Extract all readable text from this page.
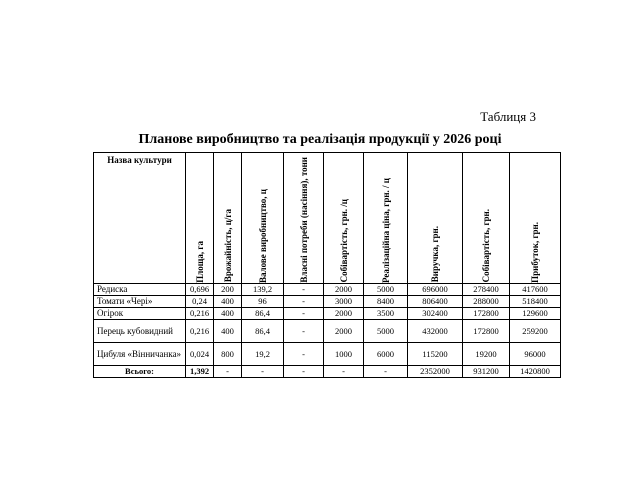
Таблиця 3
Планове виробництво та реалізація продукції у 2026 році
Назва культури	Площа, га	Врожайність, ц/га	Валове виробництво, ц	Власні потреби (насіння), тони	Собівартість, грн. /ц	Реалізаційна ціна, грн. / ц	Виручка, грн.	Собівартість, грн.	Прибуток, грн.

Редиска	0,696	200	139,2	-	2000	5000	696000	278400	417600
Томати «Чері»	0,24	400	96	-	3000	8400	806400	288000	518400
Огірок	0,216	400	86,4	-	2000	3500	302400	172800	129600
Перець кубовидний	0,216	400	86,4	-	2000	5000	432000	172800	259200
Цибуля «Вінничанка»	0,024	800	19,2	-	1000	6000	115200	19200	96000
Всього:	1,392	-	-	-	-	-	2352000	931200	1420800
